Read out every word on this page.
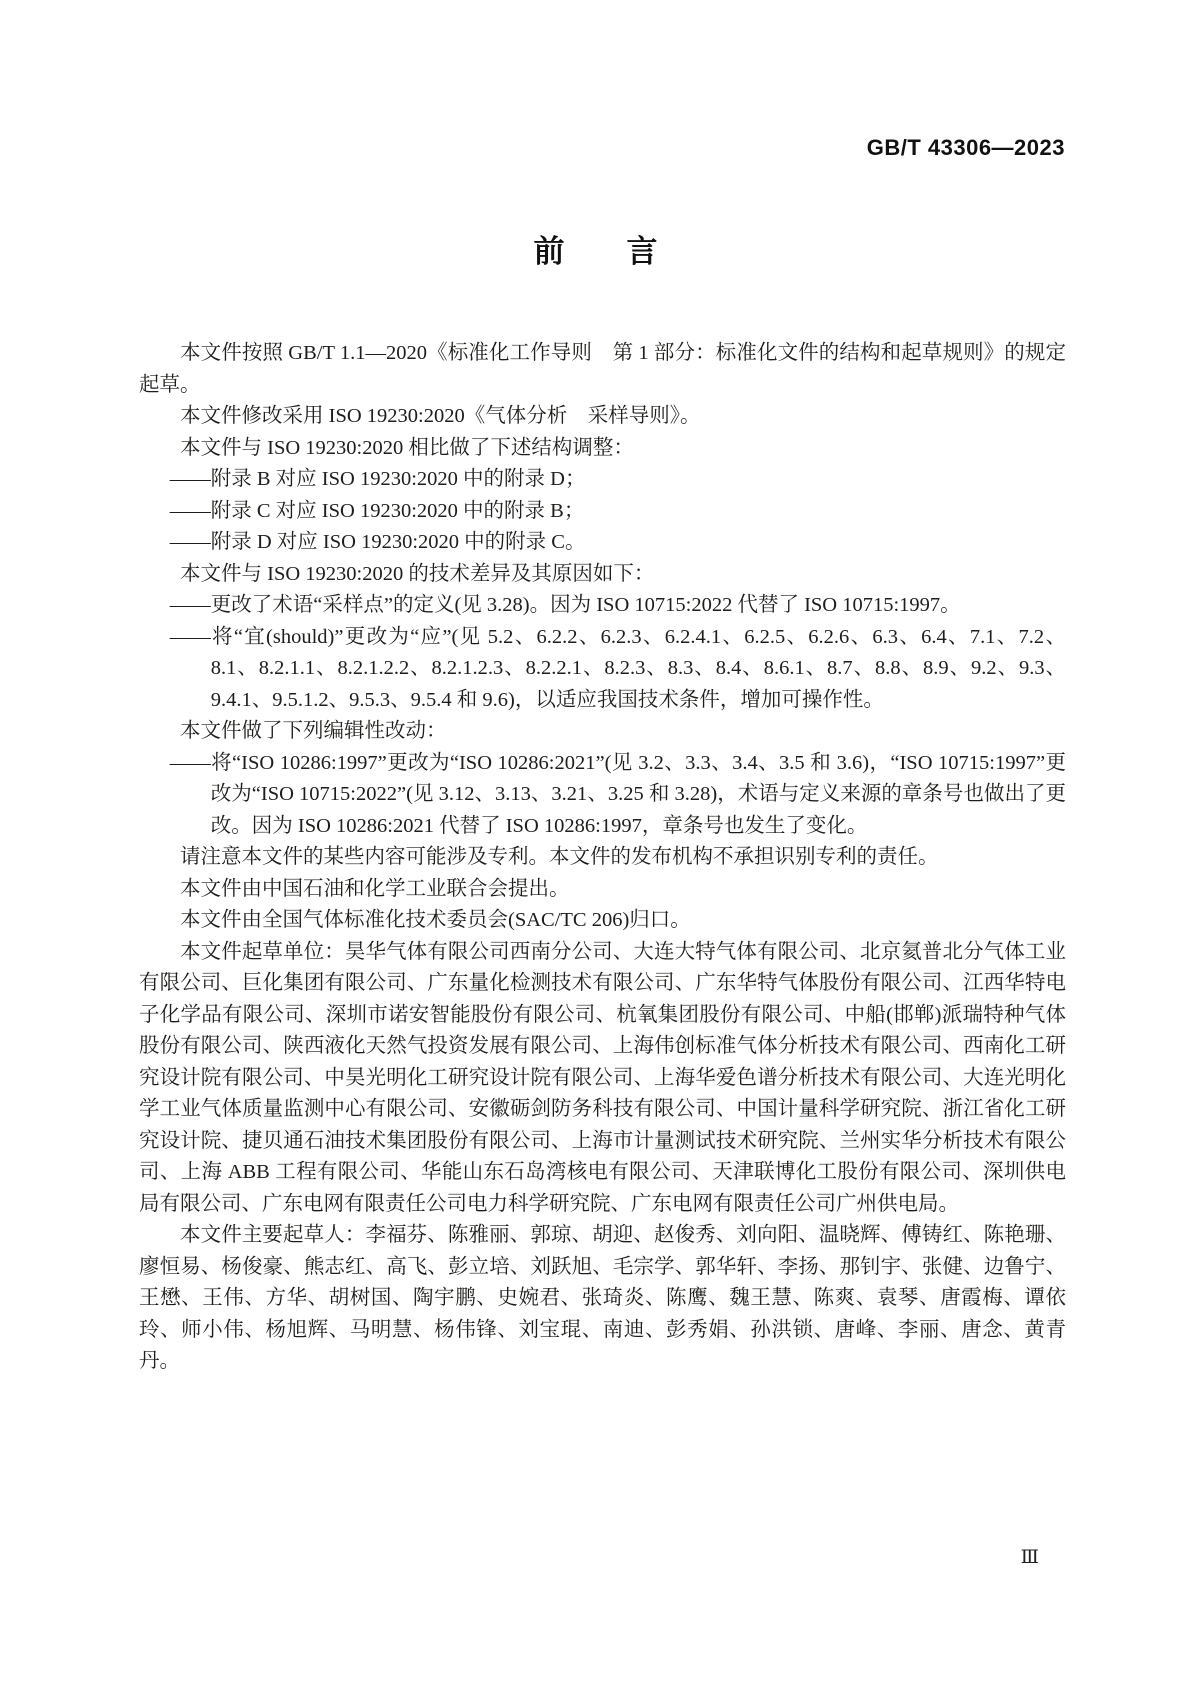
GB/T 43306—2023
前　　言

本文件按照 GB/T 1.1—2020《标准化工作导则　第 1 部分：标准化文件的结构和起草规则》的规定起草。

本文件修改采用 ISO 19230:2020《气体分析　采样导则》。

本文件与 ISO 19230:2020 相比做了下述结构调整：

——附录 B 对应 ISO 19230:2020 中的附录 D；

——附录 C 对应 ISO 19230:2020 中的附录 B；

——附录 D 对应 ISO 19230:2020 中的附录 C。

本文件与 ISO 19230:2020 的技术差异及其原因如下：

——更改了术语“采样点”的定义(见 3.28)。因为 ISO 10715:2022 代替了 ISO 10715:1997。

——将“宜(should)”更改为“应”(见 5.2、6.2.2、6.2.3、6.2.4.1、6.2.5、6.2.6、6.3、6.4、7.1、7.2、8.1、8.2.1.1、8.2.1.2.2、8.2.1.2.3、8.2.2.1、8.2.3、8.3、8.4、8.6.1、8.7、8.8、8.9、9.2、9.3、9.4.1、9.5.1.2、9.5.3、9.5.4 和 9.6)，以适应我国技术条件，增加可操作性。

本文件做了下列编辑性改动：

——将“ISO 10286:1997”更改为“ISO 10286:2021”(见 3.2、3.3、3.4、3.5 和 3.6)，“ISO 10715:1997”更改为“ISO 10715:2022”(见 3.12、3.13、3.21、3.25 和 3.28)，术语与定义来源的章条号也做出了更改。因为 ISO 10286:2021 代替了 ISO 10286:1997，章条号也发生了变化。

请注意本文件的某些内容可能涉及专利。本文件的发布机构不承担识别专利的责任。

本文件由中国石油和化学工业联合会提出。

本文件由全国气体标准化技术委员会(SAC/TC 206)归口。

本文件起草单位：昊华气体有限公司西南分公司、大连大特气体有限公司、北京氦普北分气体工业有限公司、巨化集团有限公司、广东量化检测技术有限公司、广东华特气体股份有限公司、江西华特电子化学品有限公司、深圳市诺安智能股份有限公司、杭氧集团股份有限公司、中船(邯郸)派瑞特种气体股份有限公司、陕西液化天然气投资发展有限公司、上海伟创标准气体分析技术有限公司、西南化工研究设计院有限公司、中昊光明化工研究设计院有限公司、上海华爱色谱分析技术有限公司、大连光明化学工业气体质量监测中心有限公司、安徽砺剑防务科技有限公司、中国计量科学研究院、浙江省化工研究设计院、捷贝通石油技术集团股份有限公司、上海市计量测试技术研究院、兰州实华分析技术有限公司、上海 ABB 工程有限公司、华能山东石岛湾核电有限公司、天津联博化工股份有限公司、深圳供电局有限公司、广东电网有限责任公司电力科学研究院、广东电网有限责任公司广州供电局。

本文件主要起草人：李福芬、陈雅丽、郭琼、胡迎、赵俊秀、刘向阳、温晓辉、傅铸红、陈艳珊、廖恒易、杨俊豪、熊志红、高飞、彭立培、刘跃旭、毛宗学、郭华轩、李扬、那钊宇、张健、边鲁宁、王懋、王伟、方华、胡树国、陶宇鹏、史婉君、张琦炎、陈鹰、魏王慧、陈爽、袁琴、唐霞梅、谭依玲、师小伟、杨旭辉、马明慧、杨伟锋、刘宝琨、南迪、彭秀娟、孙洪锁、唐峰、李丽、唐念、黄青丹。

Ⅲ
